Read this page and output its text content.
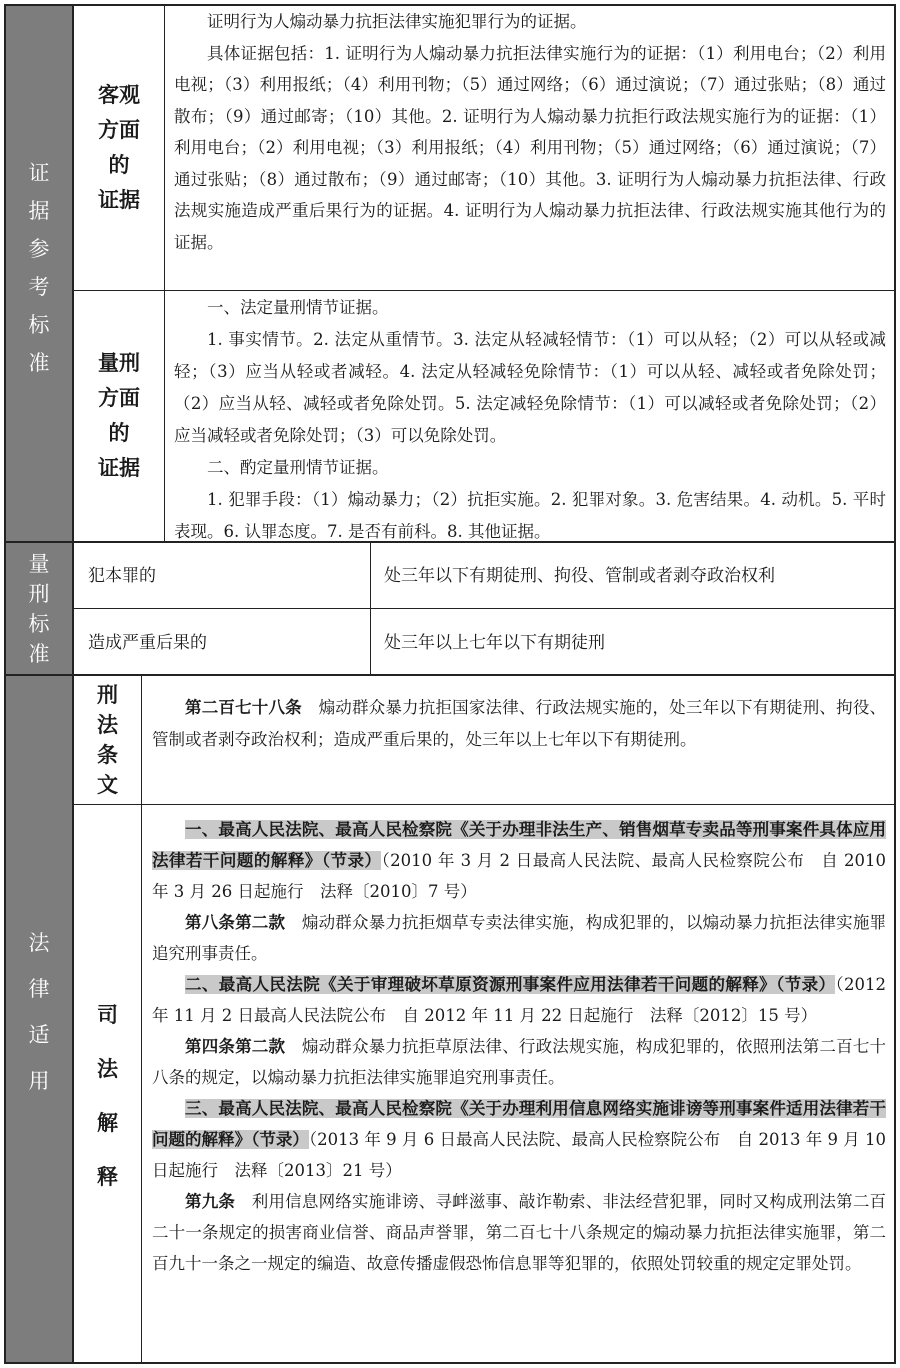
证
据
参
考
标
准
量
刑
标
准
法
律
适
用
客观
方面
的
证据

证明行为人煽动暴力抗拒法律实施犯罪行为的证据。

具体证据包括：1. 证明行为人煽动暴力抗拒法律实施行为的证据：（1）利用电台；（2）利用电视；（3）利用报纸；（4）利用刊物；（5）通过网络；（6）通过演说；（7）通过张贴；（8）通过散布；（9）通过邮寄；（10）其他。2. 证明行为人煽动暴力抗拒行政法规实施行为的证据：（1）利用电台；（2）利用电视；（3）利用报纸；（4）利用刊物；（5）通过网络；（6）通过演说；（7）通过张贴；（8）通过散布；（9）通过邮寄；（10）其他。3. 证明行为人煽动暴力抗拒法律、行政法规实施造成严重后果行为的证据。4. 证明行为人煽动暴力抗拒法律、行政法规实施其他行为的证据。

量刑
方面
的
证据

一、法定量刑情节证据。

1. 事实情节。2. 法定从重情节。3. 法定从轻减轻情节：（1）可以从轻；（2）可以从轻或减轻；（3）应当从轻或者减轻。4. 法定从轻减轻免除情节：（1）可以从轻、减轻或者免除处罚；（2）应当从轻、减轻或者免除处罚。5. 法定减轻免除情节：（1）可以减轻或者免除处罚；（2）应当减轻或者免除处罚；（3）可以免除处罚。

二、酌定量刑情节证据。

1. 犯罪手段：（1）煽动暴力；（2）抗拒实施。2. 犯罪对象。3. 危害结果。4. 动机。5. 平时表现。6. 认罪态度。7. 是否有前科。8. 其他证据。

犯本罪的	处三年以下有期徒刑、拘役、管制或者剥夺政治权利
造成严重后果的	处三年以上七年以下有期徒刑
刑
法
条
文

第二百七十八条　 煽动群众暴力抗拒国家法律、行政法规实施的，处三年以下有期徒刑、拘役、管制或者剥夺政治权利；造成严重后果的，处三年以上七年以下有期徒刑。

司
法
解
释

一、最高人民法院、最高人民检察院《关于办理非法生产、销售烟草专卖品等刑事案件具体应用法律若干问题的解释》（节录）（2010 年 3 月 2 日最高人民法院、最高人民检察院公布　自 2010 年 3 月 26 日起施行　法释〔2010〕7 号）

第八条第二款　 煽动群众暴力抗拒烟草专卖法律实施，构成犯罪的，以煽动暴力抗拒法律实施罪追究刑事责任。

二、最高人民法院《关于审理破坏草原资源刑事案件应用法律若干问题的解释》（节录）（2012 年 11 月 2 日最高人民法院公布　自 2012 年 11 月 22 日起施行　法释〔2012〕15 号）

第四条第二款　 煽动群众暴力抗拒草原法律、行政法规实施，构成犯罪的，依照刑法第二百七十八条的规定，以煽动暴力抗拒法律实施罪追究刑事责任。

三、最高人民法院、最高人民检察院《关于办理利用信息网络实施诽谤等刑事案件适用法律若干问题的解释》（节录）（2013 年 9 月 6 日最高人民法院、最高人民检察院公布　自 2013 年 9 月 10 日起施行　法释〔2013〕21 号）

第九条　 利用信息网络实施诽谤、寻衅滋事、敲诈勒索、非法经营犯罪，同时又构成刑法第二百二十一条规定的损害商业信誉、商品声誉罪，第二百七十八条规定的煽动暴力抗拒法律实施罪，第二百九十一条之一规定的编造、故意传播虚假恐怖信息罪等犯罪的，依照处罚较重的规定定罪处罚。
